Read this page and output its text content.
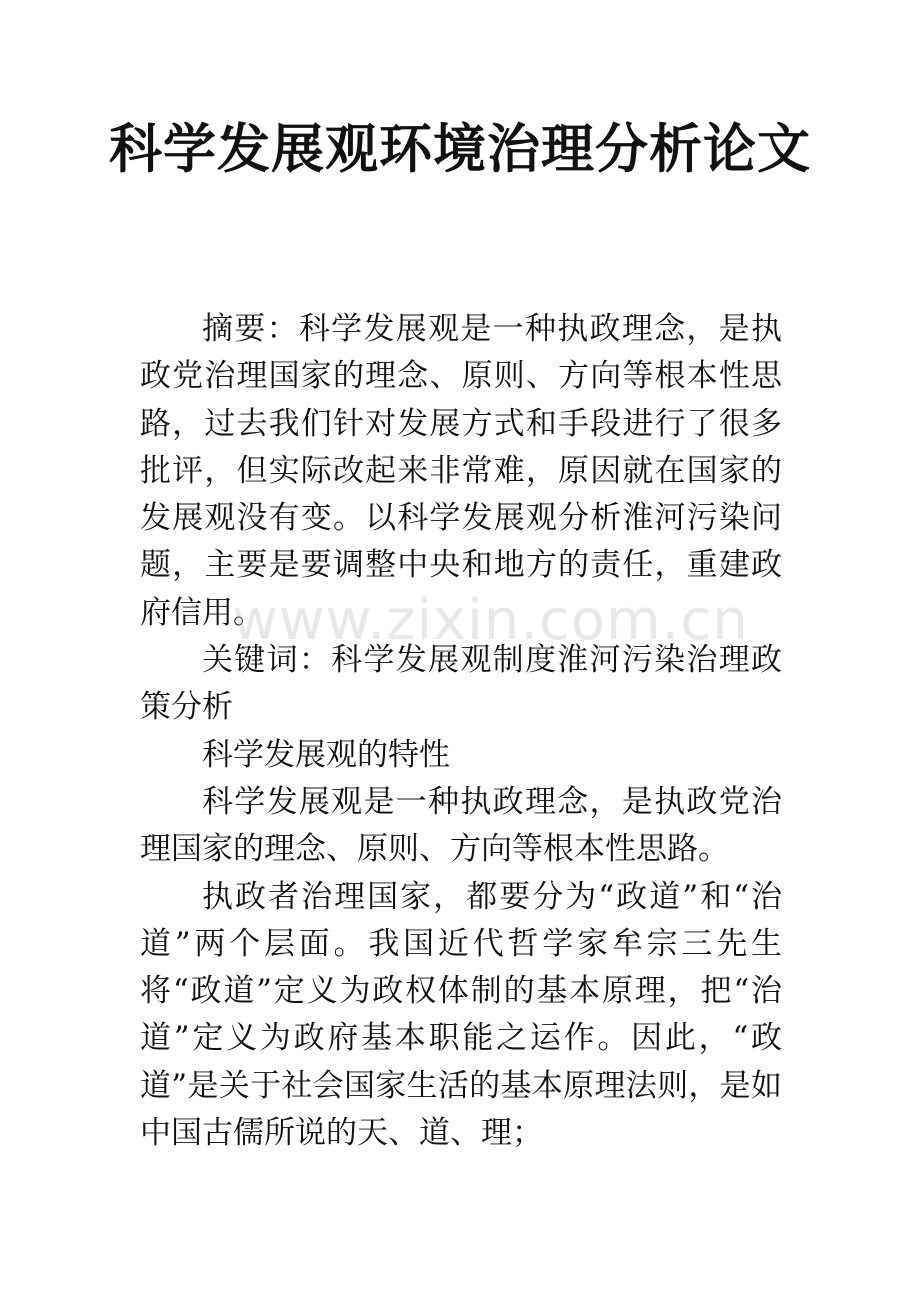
科学发展观环境治理分析论文

摘要：科学发展观是一种执政理念，是执政党治理国家的理念、原则、方向等根本性思路，过去我们针对发展方式和手段进行了很多批评，但实际改起来非常难，原因就在国家的发展观没有变。以科学发展观分析淮河污染问题，主要是要调整中央和地方的责任，重建政府信用。

关键词：科学发展观制度淮河污染治理政策分析

科学发展观的特性

科学发展观是一种执政理念，是执政党治理国家的理念、原则、方向等根本性思路。

执政者治理国家，都要分为“政道”和“治道”两个层面。我国近代哲学家牟宗三先生将“政道”定义为政权体制的基本原理，把“治道”定义为政府基本职能之运作。因此，“政道”是关于社会国家生活的基本原理法则，是如中国古儒所说的天、道、理；

www.zixin.com.cn
